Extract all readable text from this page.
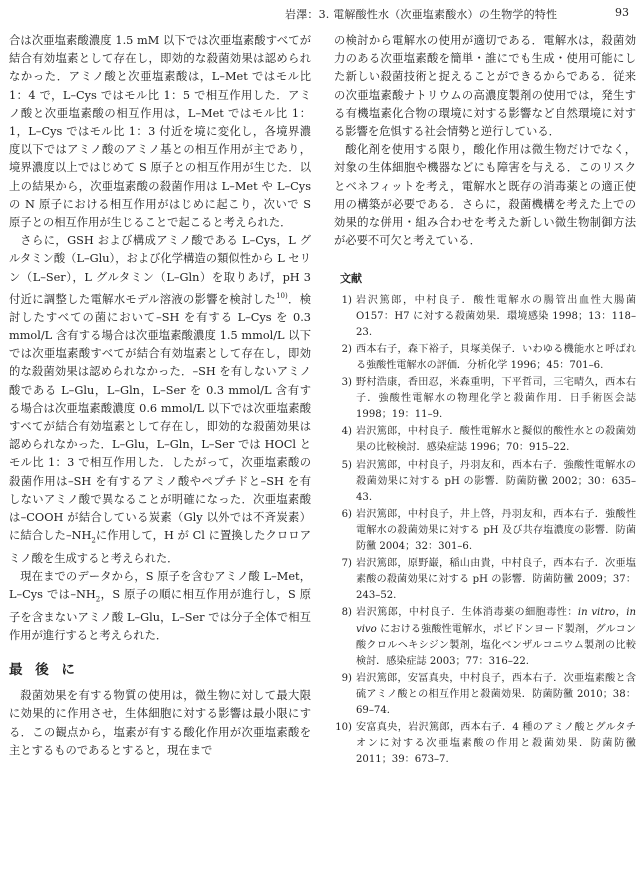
岩澤：3. 電解酸性水（次亜塩素酸水）の生物学的特性	93

合は次亜塩素酸濃度 1.5 mM 以下では次亜塩素酸すべてが結合有効塩素として存在し，即効的な殺菌効果は認められなかった．アミノ酸と次亜塩素酸は，L–Met ではモル比 1：4 で，L–Cys ではモル比 1：5 で相互作用した．アミノ酸と次亜塩素酸の相互作用は，L–Met ではモル比 1：1，L–Cys ではモル比 1：3 付近を境に変化し，各境界濃度以下ではアミノ酸のアミノ基との相互作用が主であり，境界濃度以上ではじめて S 原子との相互作用が生じた．以上の結果から，次亜塩素酸の殺菌作用は L–Met や L–Cys の N 原子における相互作用がはじめに起こり，次いで S 原子との相互作用が生じることで起こると考えられた．

さらに，GSH および構成アミノ酸である L–Cys，L グルタミン酸（L–Glu），および化学構造の類似性から L セリン（L–Ser），L グルタミン（L–Gln）を取りあげ，pH 3 付近に調整した電解水モデル溶液の影響を検討した$^{10)}$．検討したすべての菌において–SH を有する L–Cys を 0.3 mmol/L 含有する場合は次亜塩素酸濃度 1.5 mmol/L 以下では次亜塩素酸すべてが結合有効塩素として存在し，即効的な殺菌効果は認められなかった．–SH を有しないアミノ酸である L–Glu，L–Gln，L–Ser を 0.3 mmol/L 含有する場合は次亜塩素酸濃度 0.6 mmol/L 以下では次亜塩素酸すべてが結合有効塩素として存在し，即効的な殺菌効果は認められなかった．L–Glu，L–Gln，L–Ser では HOCl とモル比 1：3 で相互作用した．したがって，次亜塩素酸の殺菌作用は–SH を有するアミノ酸やペプチドと–SH を有しないアミノ酸で異なることが明確になった．次亜塩素酸は–COOH が結合している炭素（Gly 以外では不斉炭素）に結合した$-NH_2$に作用して，H が Cl に置換したクロロアミノ酸を生成すると考えられた．

現在までのデータから，S 原子を含むアミノ酸 L–Met，L–Cys では$-NH_2$，S 原子の順に相互作用が進行し，S 原子を含まないアミノ酸 L–Glu，L–Ser では分子全体で相互作用が進行すると考えられた．

最 後 に

殺菌効果を有する物質の使用は，微生物に対して最大限に効果的に作用させ，生体細胞に対する影響は最小限にする．この観点から，塩素が有する酸化作用が次亜塩素酸を主とするものであるとすると，現在まで

の検討から電解水の使用が適切である．電解水は，殺菌効力のある次亜塩素酸を簡単・誰にでも生成・使用可能にした新しい殺菌技術と捉えることができるからである．従来の次亜塩素酸ナトリウムの高濃度製剤の使用では，発生する有機塩素化合物の環境に対する影響など自然環境に対する影響を危惧する社会情勢と逆行している．

酸化剤を使用する限り，酸化作用は微生物だけでなく，対象の生体細胞や機器などにも障害を与える．このリスクとベネフィットを考え，電解水と既存の消毒薬との適正使用の構築が必要である．さらに，殺菌機構を考えた上での効果的な併用・組み合わせを考えた新しい微生物制御方法が必要不可欠と考えている．

文献
1) 岩沢篤郎，中村良子．酸性電解水の腸管出血性大腸菌 O157：H7 に対する殺菌効果．環境感染 1998；13：118–23.
2) 西本右子，森下裕子，貝塚美保子．いわゆる機能水と呼ばれる強酸性電解水の評価．分析化学 1996；45：701–6.
3) 野村浩康，香田忍，米森重明，下平哲司，三宅晴久，西本右子．強酸性電解水の物理化学と殺菌作用．日手術医会誌 1998；19：11–9.
4) 岩沢篤郎，中村良子．酸性電解水と擬似的酸性水との殺菌効果の比較検討．感染症誌 1996；70：915–22.
5) 岩沢篤郎，中村良子，丹羽友和，西本右子．強酸性電解水の殺菌効果に対する pH の影響．防菌防黴 2002；30：635–43.
6) 岩沢篤郎，中村良子，井上啓，丹羽友和，西本右子．強酸性電解水の殺菌効果に対する pH 及び共存塩濃度の影響．防菌防黴 2004；32：301–6.
7) 岩沢篤郎，原野巌，稲山由貴，中村良子，西本右子．次亜塩素酸の殺菌効果に対する pH の影響．防菌防黴 2009；37：243–52.
8) 岩沢篤郎，中村良子．生体消毒薬の細胞毒性：in vitro，in vivo における強酸性電解水，ポビドンヨード製剤，グルコン酸クロルヘキシジン製剤，塩化ベンザルコニウム製剤の比較検討．感染症誌 2003；77：316–22.
9) 岩沢篤郎，安冨真央，中村良子，西本右子．次亜塩素酸と含硫アミノ酸との相互作用と殺菌効果．防菌防黴 2010；38：69–74.
10) 安富真央，岩沢篤郎，西本右子．4 種のアミノ酸とグルタチオンに対する次亜塩素酸の作用と殺菌効果．防菌防黴 2011；39：673–7.
